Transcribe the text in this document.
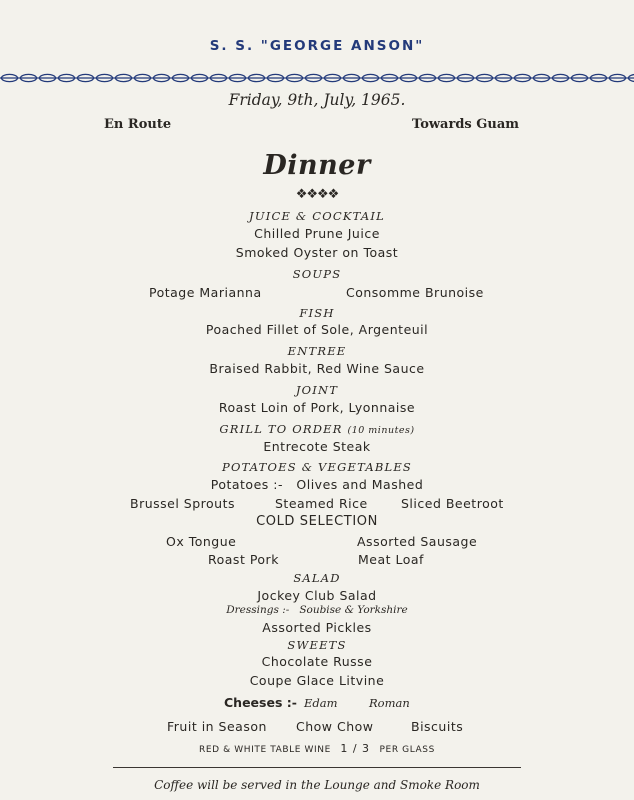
S. S. "GEORGE ANSON"
Friday, 9th, July, 1965.
En Route	Towards Guam
Dinner
❖❖❖❖
JUICE & COCKTAIL
Chilled Prune Juice
Smoked Oyster on Toast
SOUPS
Potage Marianna	Consomme Brunoise
FISH
Poached Fillet of Sole, Argenteuil
ENTREE
Braised Rabbit, Red Wine Sauce
JOINT
Roast Loin of Pork, Lyonnaise
GRILL TO ORDER (10 minutes)
Entrecote Steak
POTATOES & VEGETABLES
Potatoes :-   Olives and Mashed
Brussel Sprouts	Steamed Rice	Sliced Beetroot
COLD SELECTION
Ox Tongue	Assorted Sausage
Roast Pork	Meat Loaf
SALAD
Jockey Club Salad
Dressings :-   Soubise & Yorkshire
Assorted Pickles
SWEETS
Chocolate Russe
Coupe Glace Litvine
Cheeses :- Edam	Roman
Fruit in Season Chow Chow	Biscuits
RED & WHITE TABLE WINE 1 / 3 PER GLASS
Coffee will be served in the Lounge and Smoke Room
